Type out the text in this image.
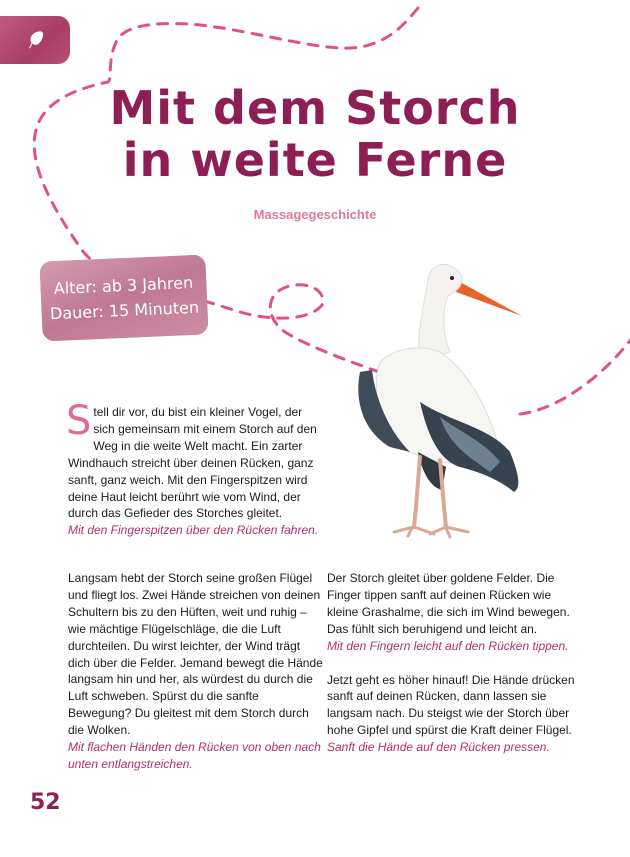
Mit dem Storch
in weite Ferne
Massagegeschichte
Alter: ab 3 Jahren
Dauer: 15 Minuten

Stell dir vor, du bist ein kleiner Vogel, der sich gemeinsam mit einem Storch auf den Weg in die weite Welt macht. Ein zarter Windhauch streicht über deinen Rücken, ganz sanft, ganz weich. Mit den Fingerspitzen wird deine Haut leicht berührt wie vom Wind, der durch das Gefieder des Storches gleitet.

Mit den Fingerspitzen über den Rücken fahren.

Langsam hebt der Storch seine großen Flügel und fliegt los. Zwei Hände streichen von deinen Schultern bis zu den Hüften, weit und ruhig – wie mächtige Flügelschläge, die die Luft durchteilen. Du wirst leichter, der Wind trägt dich über die Felder. Jemand bewegt die Hände langsam hin und her, als würdest du durch die Luft schweben. Spürst du die sanfte Bewegung? Du gleitest mit dem Storch durch die Wolken.

Mit flachen Händen den Rücken von oben nach unten entlangstreichen.

Der Storch gleitet über goldene Felder. Die Finger tippen sanft auf deinen Rücken wie kleine Grashalme, die sich im Wind bewegen. Das fühlt sich beruhigend und leicht an.

Mit den Fingern leicht auf den Rücken tippen.

Jetzt geht es höher hinauf! Die Hände drücken sanft auf deinen Rücken, dann lassen sie langsam nach. Du steigst wie der Storch über hohe Gipfel und spürst die Kraft deiner Flügel.

Sanft die Hände auf den Rücken pressen.

52
